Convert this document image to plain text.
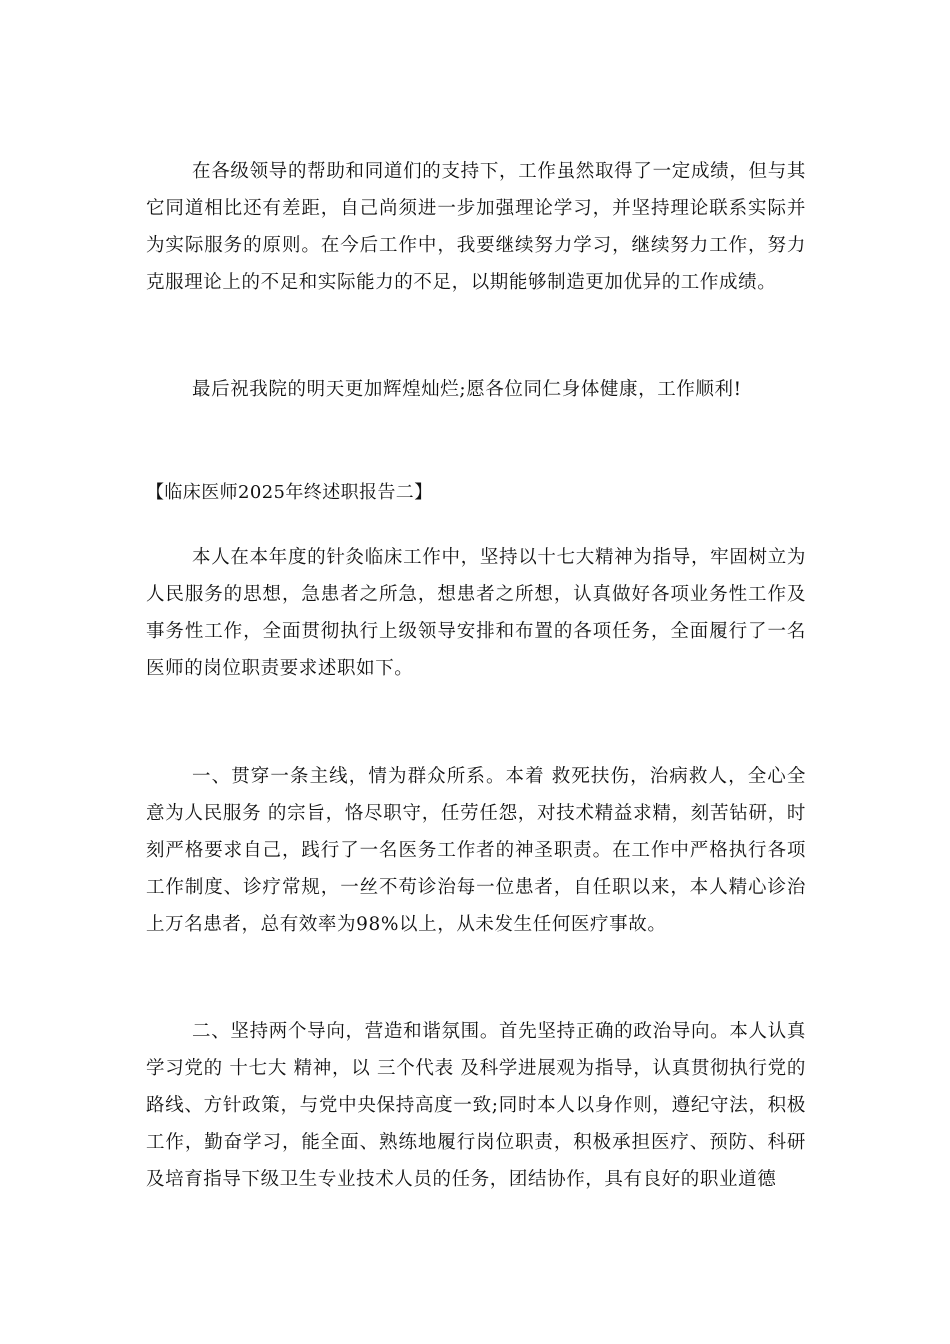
在各级领导的帮助和同道们的支持下，工作虽然取得了一定成绩，但与其它同道相比还有差距，自己尚须进一步加强理论学习，并坚持理论联系实际并为实际服务的原则。在今后工作中，我要继续努力学习，继续努力工作，努力克服理论上的不足和实际能力的不足，以期能够制造更加优异的工作成绩。

最后祝我院的明天更加辉煌灿烂;愿各位同仁身体健康，工作顺利!

【临床医师2025年终述职报告二】

本人在本年度的针灸临床工作中，坚持以十七大精神为指导，牢固树立为人民服务的思想，急患者之所急，想患者之所想，认真做好各项业务性工作及事务性工作，全面贯彻执行上级领导安排和布置的各项任务，全面履行了一名医师的岗位职责要求述职如下。

一、贯穿一条主线，情为群众所系。本着 救死扶伤，治病救人，全心全意为人民服务 的宗旨，恪尽职守，任劳任怨，对技术精益求精，刻苦钻研，时刻严格要求自己，践行了一名医务工作者的神圣职责。在工作中严格执行各项工作制度、诊疗常规，一丝不苟诊治每一位患者，自任职以来，本人精心诊治上万名患者，总有效率为98%以上，从未发生任何医疗事故。

二、坚持两个导向，营造和谐氛围。首先坚持正确的政治导向。本人认真学习党的 十七大 精神，以 三个代表 及科学进展观为指导，认真贯彻执行党的路线、方针政策，与党中央保持高度一致;同时本人以身作则，遵纪守法，积极工作，勤奋学习，能全面、熟练地履行岗位职责，积极承担医疗、预防、科研及培育指导下级卫生专业技术人员的任务，团结协作，具有良好的职业道德
